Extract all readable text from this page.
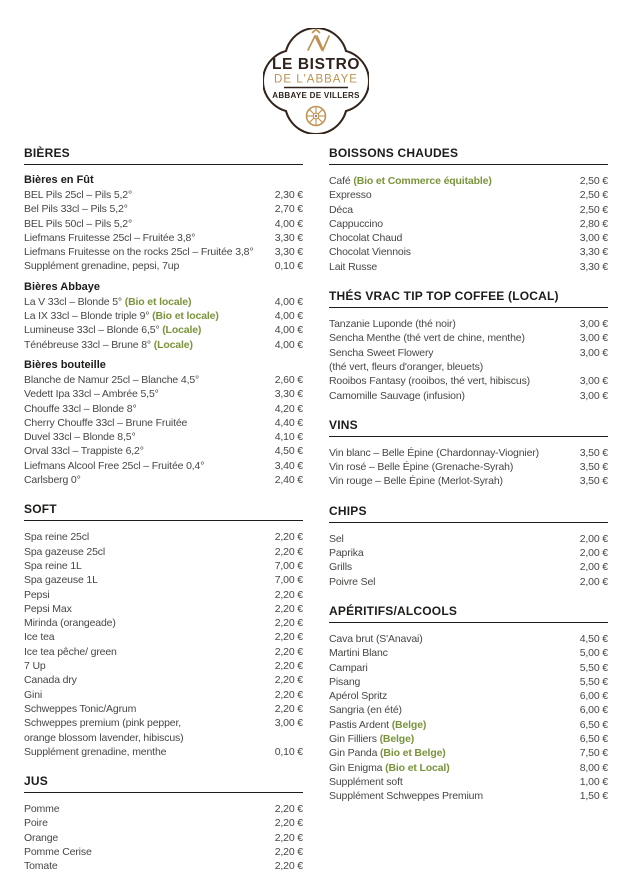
LE BISTRO
DE L'ABBAYE
ABBAYE DE VILLERS
BIÈRES
Bières en Fût
BEL Pils 25cl – Pils 5,2°	2,30 €
Bel Pils 33cl – Pils 5,2°	2,70 €
BEL Pils 50cl – Pils 5,2°	4,00 €
Liefmans Fruitesse 25cl – Fruitée 3,8°	3,30 €
Liefmans Fruitesse on the rocks 25cl – Fruitée 3,8°	3,30 €
Supplément grenadine, pepsi, 7up	0,10 €
Bières Abbaye
La V 33cl – Blonde 5° (Bio et locale)	4,00 €
La IX 33cl – Blonde triple 9° (Bio et locale)	4,00 €
Lumineuse 33cl – Blonde 6,5° (Locale)	4,00 €
Ténébreuse 33cl – Brune 8° (Locale)	4,00 €
Bières bouteille
Blanche de Namur 25cl – Blanche 4,5°	2,60 €
Vedett Ipa 33cl – Ambrée 5,5°	3,30 €
Chouffe 33cl – Blonde 8°	4,20 €
Cherry Chouffe 33cl – Brune Fruitée	4,40 €
Duvel 33cl – Blonde 8,5°	4,10 €
Orval 33cl – Trappiste 6,2°	4,50 €
Liefmans Alcool Free 25cl – Fruitée 0,4°	3,40 €
Carlsberg 0°	2,40 €
SOFT
Spa reine 25cl	2,20 €
Spa gazeuse 25cl	2,20 €
Spa reine 1L	7,00 €
Spa gazeuse 1L	7,00 €
Pepsi	2,20 €
Pepsi Max	2,20 €
Mirinda (orangeade)	2,20 €
Ice tea	2,20 €
Ice tea pêche/ green	2,20 €
7 Up	2,20 €
Canada dry	2,20 €
Gini	2,20 €
Schweppes Tonic/Agrum	2,20 €
Schweppes premium (pink pepper,
orange blossom lavender, hibiscus)
3,00 €
Supplément grenadine, menthe	0,10 €
JUS
Pomme	2,20 €
Poire	2,20 €
Orange	2,20 €
Pomme Cerise	2,20 €
Tomate	2,20 €
BOISSONS CHAUDES
Café (Bio et Commerce équitable)	2,50 €
Expresso	2,50 €
Déca	2,50 €
Cappuccino	2,80 €
Chocolat Chaud	3,00 €
Chocolat Viennois	3,30 €
Lait Russe	3,30 €
THÉS VRAC TIP TOP COFFEE (LOCAL)
Tanzanie Luponde (thé noir)	3,00 €
Sencha Menthe (thé vert de chine, menthe)	3,00 €
Sencha Sweet Flowery
(thé vert, fleurs d'oranger, bleuets)
3,00 €
Rooibos Fantasy (rooibos, thé vert, hibiscus)	3,00 €
Camomille Sauvage (infusion)	3,00 €
VINS
Vin blanc – Belle Épine (Chardonnay-Viognier)	3,50 €
Vin rosé – Belle Épine (Grenache-Syrah)	3,50 €
Vin rouge – Belle Épine (Merlot-Syrah)	3,50 €
CHIPS
Sel	2,00 €
Paprika	2,00 €
Grills	2,00 €
Poivre Sel	2,00 €
APÉRITIFS/ALCOOLS
Cava brut (S'Anavai)	4,50 €
Martini Blanc	5,00 €
Campari	5,50 €
Pisang	5,50 €
Apérol Spritz	6,00 €
Sangria (en été)	6,00 €
Pastis Ardent (Belge)	6,50 €
Gin Filliers (Belge)	6,50 €
Gin Panda (Bio et Belge)	7,50 €
Gin Enigma (Bio et Local)	8,00 €
Supplément soft	1,00 €
Supplément Schweppes Premium	1,50 €
